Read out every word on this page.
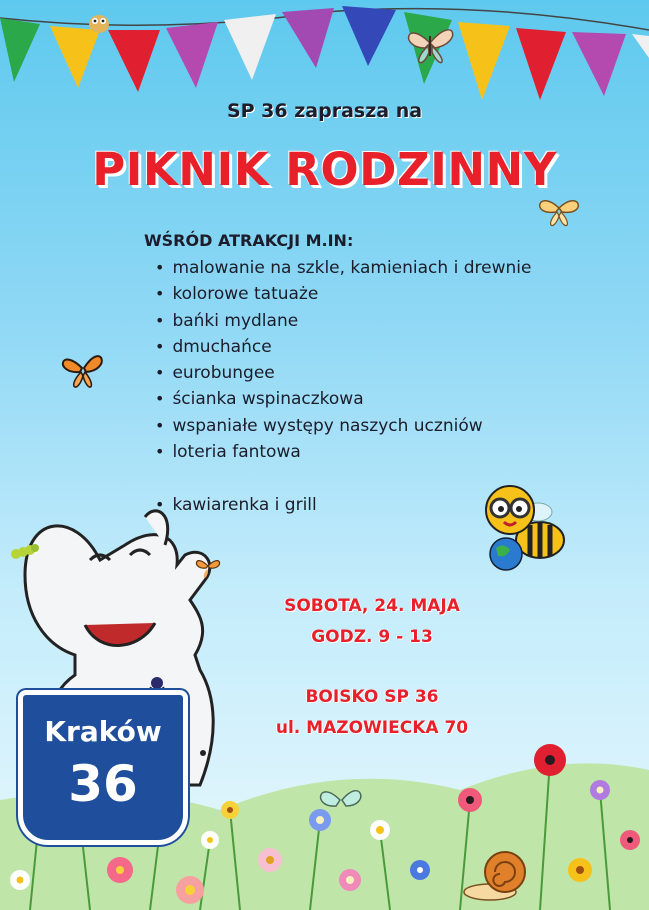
SP 36 zaprasza na
PIKNIK RODZINNY
WŚRÓD ATRAKCJI M.IN:
• malowanie na szkle, kamieniach i drewnie
• kolorowe tatuaże
• bańki mydlane
• dmuchańce
• eurobungee
• ścianka wspinaczkowa
• wspaniałe występy naszych uczniów
• loteria fantowa
• kawiarenka i grill
SOBOTA, 24. MAJA
GODZ. 9 - 13
BOISKO SP 36
ul. MAZOWIECKA 70
Kraków
36
